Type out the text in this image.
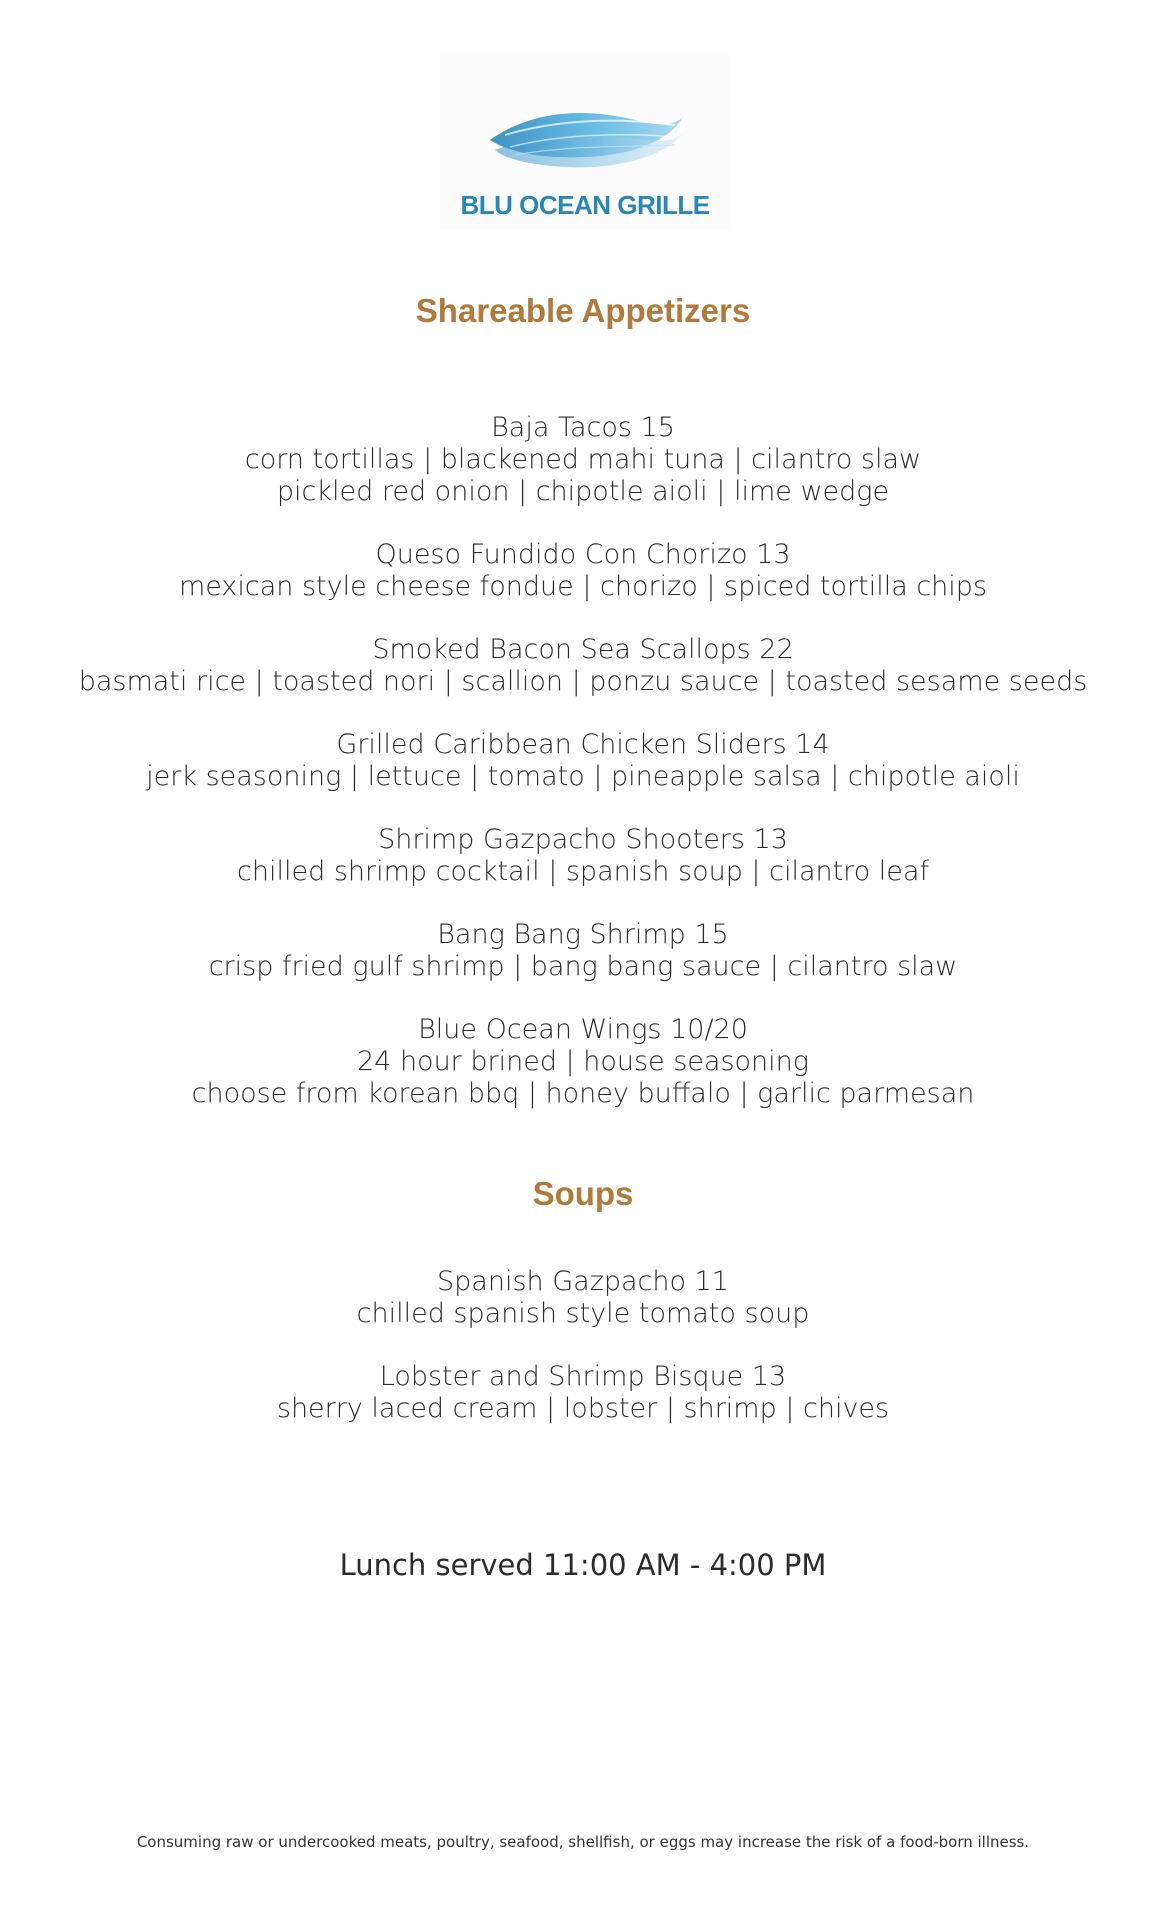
BLU OCEAN GRILLE
Shareable Appetizers
Baja Tacos 15
corn tortillas | blackened mahi tuna | cilantro slaw
pickled red onion | chipotle aioli | lime wedge
Queso Fundido Con Chorizo 13
mexican style cheese fondue | chorizo | spiced tortilla chips
Smoked Bacon Sea Scallops 22
basmati rice | toasted nori | scallion | ponzu sauce | toasted sesame seeds
Grilled Caribbean Chicken Sliders 14
jerk seasoning | lettuce | tomato | pineapple salsa | chipotle aioli
Shrimp Gazpacho Shooters 13
chilled shrimp cocktail | spanish soup | cilantro leaf
Bang Bang Shrimp 15
crisp fried gulf shrimp | bang bang sauce | cilantro slaw
Blue Ocean Wings 10/20
24 hour brined | house seasoning
choose from korean bbq | honey buffalo | garlic parmesan
Soups
Spanish Gazpacho 11
chilled spanish style tomato soup
Lobster and Shrimp Bisque 13
sherry laced cream | lobster | shrimp | chives
Lunch served 11:00 AM - 4:00 PM
Consuming raw or undercooked meats, poultry, seafood, shellfish, or eggs may increase the risk of a food-born illness.
